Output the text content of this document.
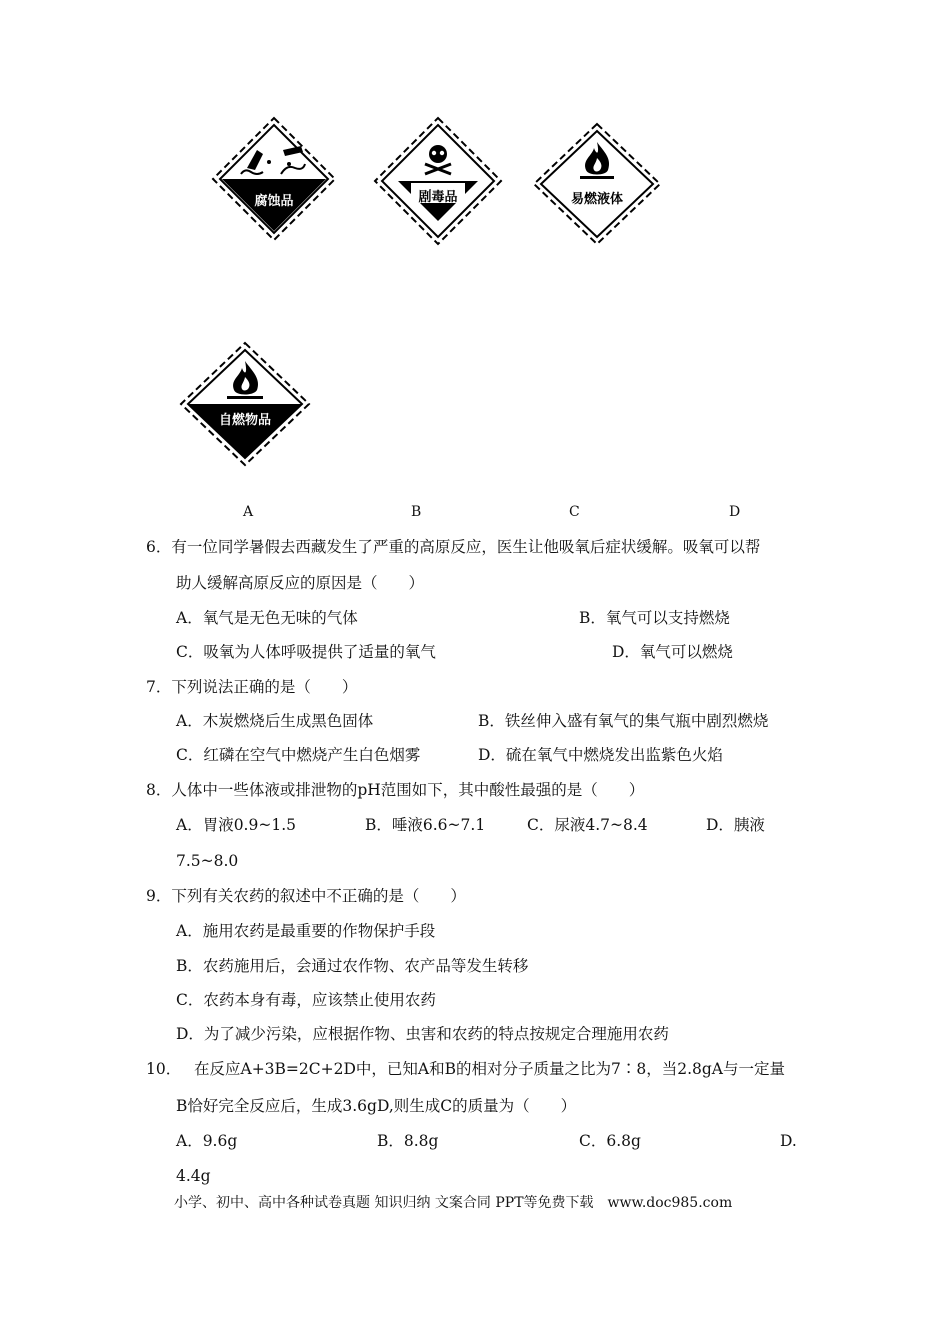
腐蚀品	剧毒品	易燃液体
自燃物品
A	B	C	D
6．有一位同学暑假去西藏发生了严重的高原反应，医生让他吸氧后症状缓解。吸氧可以帮
助人缓解高原反应的原因是（　　）
A．氧气是无色无味的气体	B．氧气可以支持燃烧
C．吸氧为人体呼吸提供了适量的氧气	D．氧气可以燃烧
7．下列说法正确的是（　　）
A．木炭燃烧后生成黑色固体	B．铁丝伸入盛有氧气的集气瓶中剧烈燃烧
C．红磷在空气中燃烧产生白色烟雾	D．硫在氧气中燃烧发出监紫色火焰
8．人体中一些体液或排泄物的pH范围如下，其中酸性最强的是（　　）
A．胃液0.9~1.5	B．唾液6.6~7.1	C．尿液4.7~8.4	D．胰液
7.5~8.0
9．下列有关农药的叙述中不正确的是（　　）
A．施用农药是最重要的作物保护手段
B．农药施用后，会通过农作物、农产品等发生转移
C．农药本身有毒，应该禁止使用农药
D．为了减少污染，应根据作物、虫害和农药的特点按规定合理施用农药
10． 在反应A+3B=2C+2D中，已知A和B的相对分子质量之比为7∶8，当2.8gA与一定量
B恰好完全反应后，生成3.6gD,则生成C的质量为（　　）
A．9.6g	B．8.8g	C．6.8g	D.
4.4g
小学、初中、高中各种试卷真题 知识归纳 文案合同 PPT等免费下载　www.doc985.com
